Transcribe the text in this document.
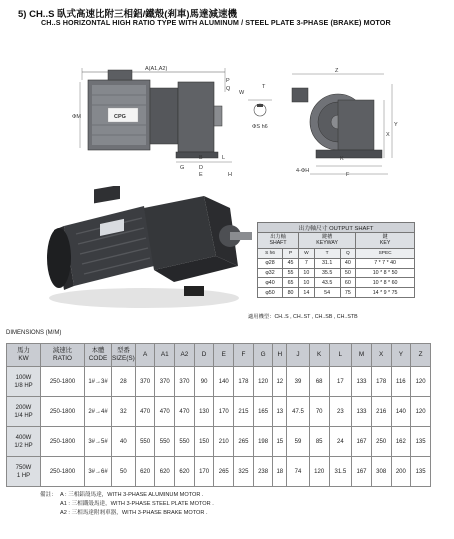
5) CH..S 臥式高速比附三相鋁/鐵殼(剎車)馬達減速機
CH..S HORIZONTAL HIGH RATIO TYPE WITH ALUMINUM / STEEL PLATE 3-PHASE (BRAKE) MOTOR
A(A1,A2)
CPG
ΦM
P
Q
L
B
D
G
E	H
W
T
ΦS h6
Z
Y
X
K
4-ΦH
F
出力軸尺寸 OUTPUT SHAFT					
出力軸
SHAFT		鍵槽
KEYWAY			鍵
KEY
S h6	P	W	T	Q	SPEC
φ28	45	7	31.1	40	7 * 7 * 40
φ32	55	10	35.5	50	10 * 8 * 50
φ40	65	10	43.5	60	10 * 8 * 60
φ50	80	14	54	75	14 * 9 * 75
適用機型：CH..S , CH..ST , CH..SB , CH..STB
DIMENSIONS (M/M)
馬力
KW	減速比
RATIO	本體
CODE	型番
SIZE(S)	A	A1	A2	D	E	F	G	H	J	K	L	M	X	Y	Z
100W
1/8 HP	250-1800	1#→3#	28	370	370	370	90	140	178	120	12	39	68	17	133	178	116	120
200W
1/4 HP	250-1800	2#→4#	32	470	470	470	130	170	215	165	13	47.5	70	23	133	216	140	120
400W
1/2 HP	250-1800	3#→5#	40	550	550	550	150	210	265	198	15	59	85	24	167	250	162	135
750W
1 HP	250-1800	3#→6#	50	620	620	620	170	265	325	238	18	74	120	31.5	167	308	200	135
備註： A : 三相鋁殼馬達，WITH 3-PHASE ALUMINUM MOTOR .
A1 : 三相鐵殼馬達，WITH 3-PHASE STEEL PLATE MOTOR .
A2 : 三相馬達附剎車器，WITH 3-PHASE BRAKE MOTOR .
